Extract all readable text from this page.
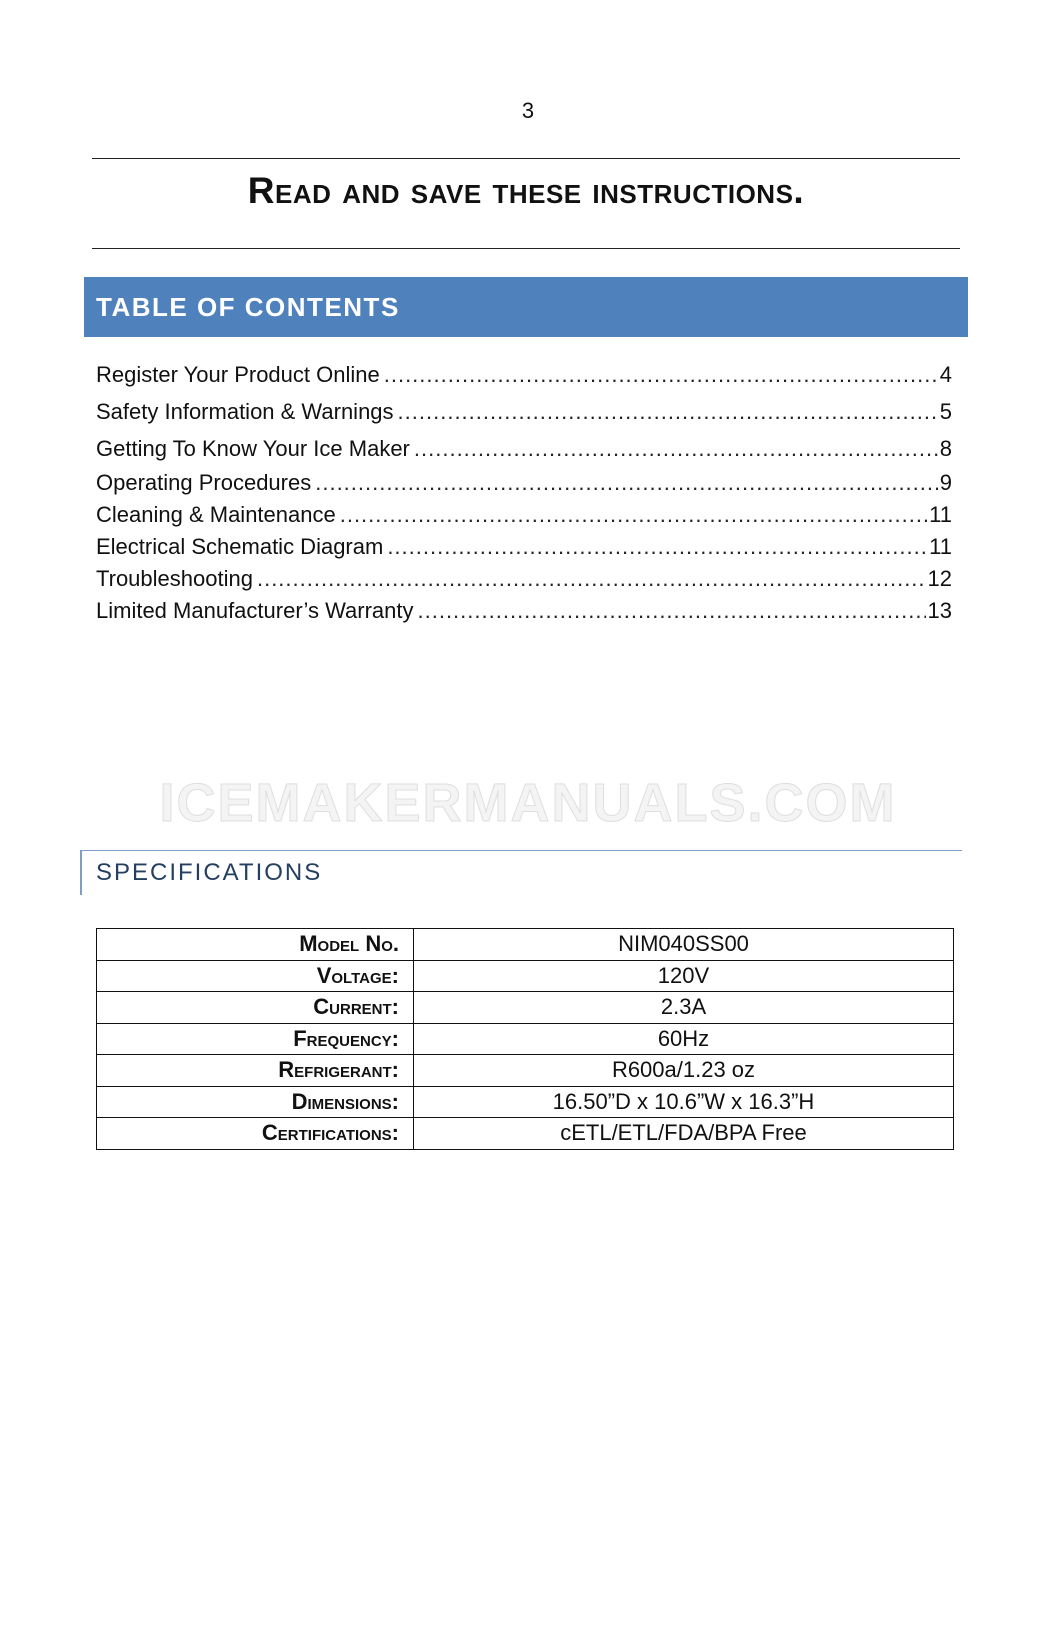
3
Read and save these instructions.
TABLE OF CONTENTS
Register Your Product Online .....	4
Safety Information & Warnings .....	5
Getting To Know Your Ice Maker .....	8
Operating Procedures .....	9
Cleaning & Maintenance .....	11
Electrical Schematic Diagram .....	11
Troubleshooting .....	12
Limited Manufacturer’s Warranty .....	13
ICEMAKERMANUALS.COM
SPECIFICATIONS
Model No.	NIM040SS00
Voltage:	120V
Current:	2.3A
Frequency:	60Hz
Refrigerant:	R600a/1.23 oz
Dimensions:	16.50”D x 10.6”W x 16.3”H
Certifications:	cETL/ETL/FDA/BPA Free
